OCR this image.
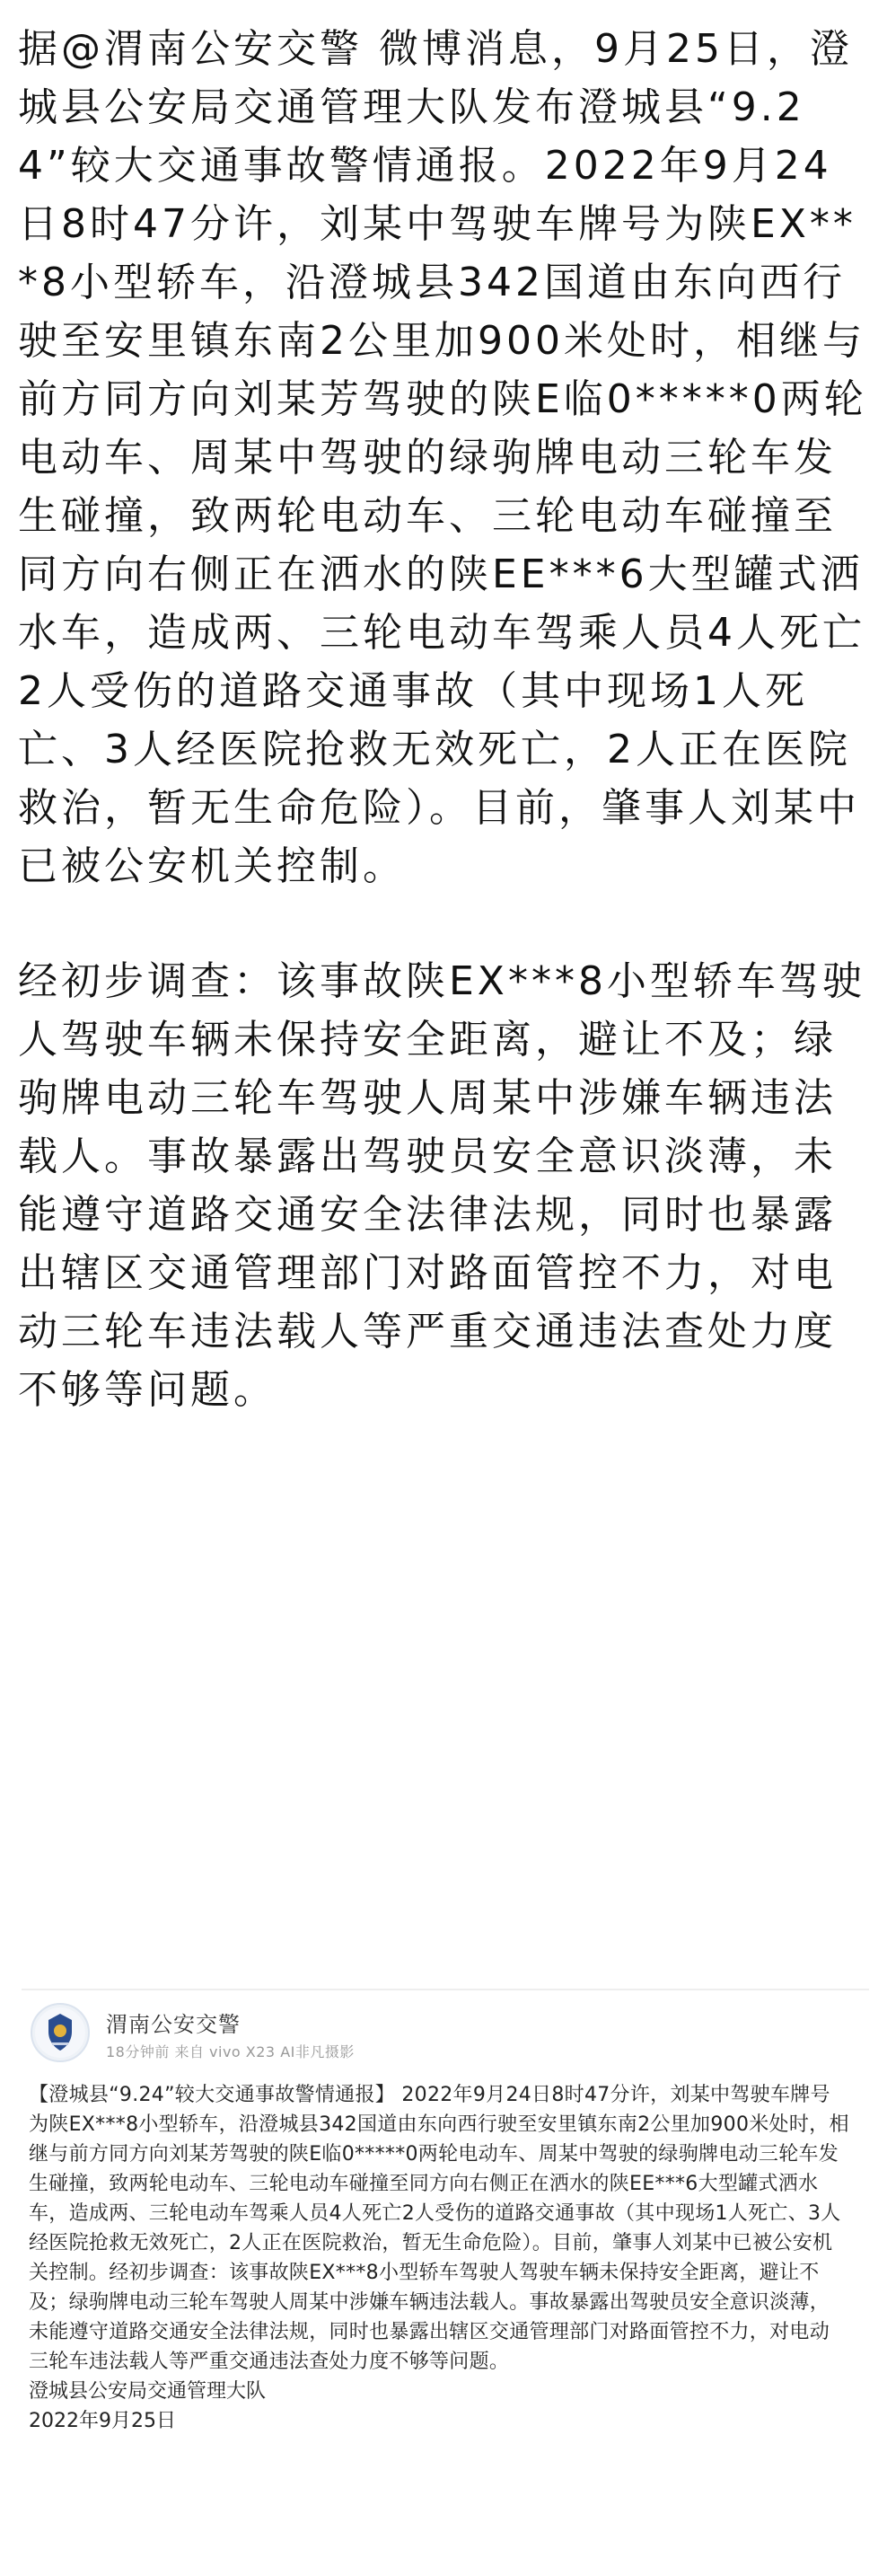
据@渭南公安交警 微博消息，9月25日，澄城县公安局交通管理大队发布澄城县“9.24”较大交通事故警情通报。2022年9月24日8时47分许，刘某中驾驶车牌号为陕EX***8小型轿车，沿澄城县342国道由东向西行驶至安里镇东南2公里加900米处时，相继与前方同方向刘某芳驾驶的陕E临0*****0两轮电动车、周某中驾驶的绿驹牌电动三轮车发生碰撞，致两轮电动车、三轮电动车碰撞至同方向右侧正在洒水的陕EE***6大型罐式洒水车，造成两、三轮电动车驾乘人员4人死亡2人受伤的道路交通事故（其中现场1人死亡、3人经医院抢救无效死亡，2人正在医院救治，暂无生命危险）。目前，肇事人刘某中已被公安机关控制。

经初步调查：该事故陕EX***8小型轿车驾驶人驾驶车辆未保持安全距离，避让不及；绿驹牌电动三轮车驾驶人周某中涉嫌车辆违法载人。事故暴露出驾驶员安全意识淡薄，未能遵守道路交通安全法律法规，同时也暴露出辖区交通管理部门对路面管控不力，对电动三轮车违法载人等严重交通违法查处力度不够等问题。

渭南公安交警
18分钟前 来自 vivo X23 AI非凡摄影

【澄城县“9.24”较大交通事故警情通报】 2022年9月24日8时47分许，刘某中驾驶车牌号为陕EX***8小型轿车，沿澄城县342国道由东向西行驶至安里镇东南2公里加900米处时，相继与前方同方向刘某芳驾驶的陕E临0*****0两轮电动车、周某中驾驶的绿驹牌电动三轮车发生碰撞，致两轮电动车、三轮电动车碰撞至同方向右侧正在洒水的陕EE***6大型罐式洒水车，造成两、三轮电动车驾乘人员4人死亡2人受伤的道路交通事故（其中现场1人死亡、3人经医院抢救无效死亡，2人正在医院救治，暂无生命危险）。目前，肇事人刘某中已被公安机关控制。经初步调查：该事故陕EX***8小型轿车驾驶人驾驶车辆未保持安全距离，避让不及；绿驹牌电动三轮车驾驶人周某中涉嫌车辆违法载人。事故暴露出驾驶员安全意识淡薄，未能遵守道路交通安全法律法规，同时也暴露出辖区交通管理部门对路面管控不力，对电动三轮车违法载人等严重交通违法查处力度不够等问题。

澄城县公安局交通管理大队

2022年9月25日
